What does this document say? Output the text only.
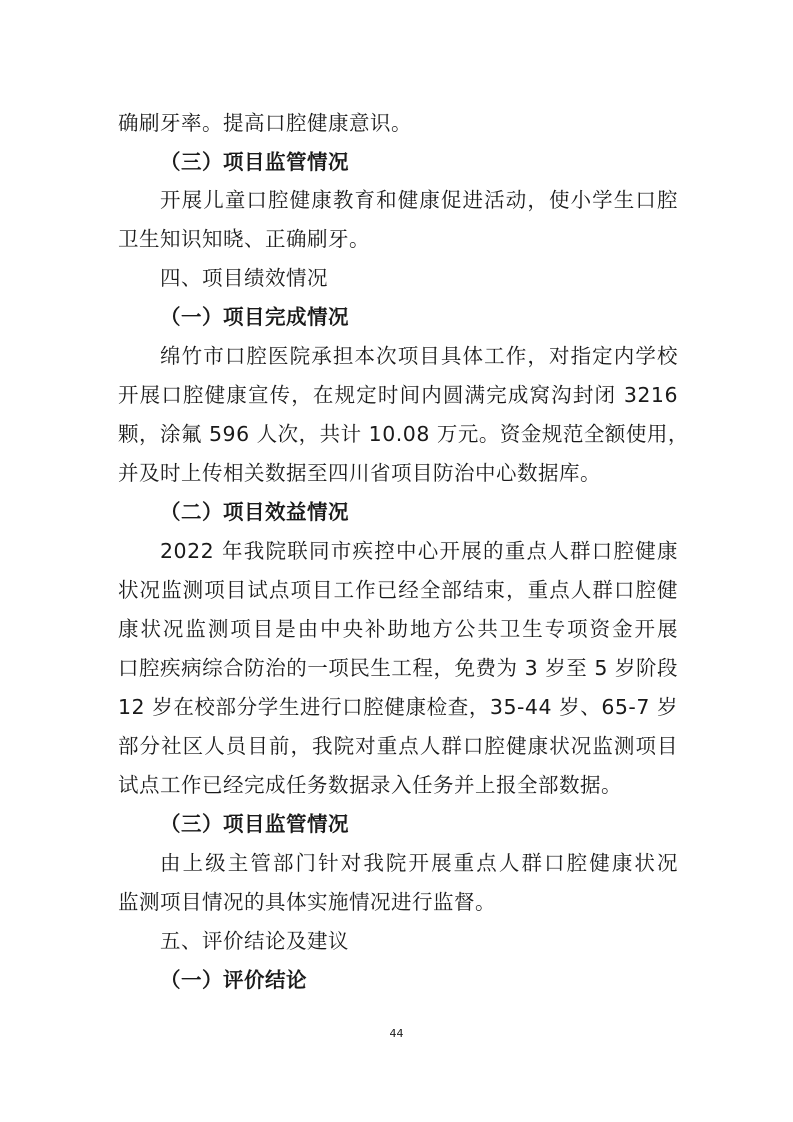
确刷牙率。提高口腔健康意识。
（三）项目监管情况
开展儿童口腔健康教育和健康促进活动，使小学生口腔
卫生知识知晓、正确刷牙。
四、项目绩效情况
（一）项目完成情况
绵竹市口腔医院承担本次项目具体工作，对指定内学校
开展口腔健康宣传，在规定时间内圆满完成窝沟封闭 3216
颗，涂氟 596 人次，共计 10.08 万元。资金规范全额使用，
并及时上传相关数据至四川省项目防治中心数据库。
（二）项目效益情况
2022 年我院联同市疾控中心开展的重点人群口腔健康
状况监测项目试点项目工作已经全部结束，重点人群口腔健
康状况监测项目是由中央补助地方公共卫生专项资金开展
口腔疾病综合防治的一项民生工程，免费为 3 岁至 5 岁阶段
12 岁在校部分学生进行口腔健康检查，35-44 岁、65-7 岁
部分社区人员目前，我院对重点人群口腔健康状况监测项目
试点工作已经完成任务数据录入任务并上报全部数据。
（三）项目监管情况
由上级主管部门针对我院开展重点人群口腔健康状况
监测项目情况的具体实施情况进行监督。
五、评价结论及建议
（一）评价结论
44
